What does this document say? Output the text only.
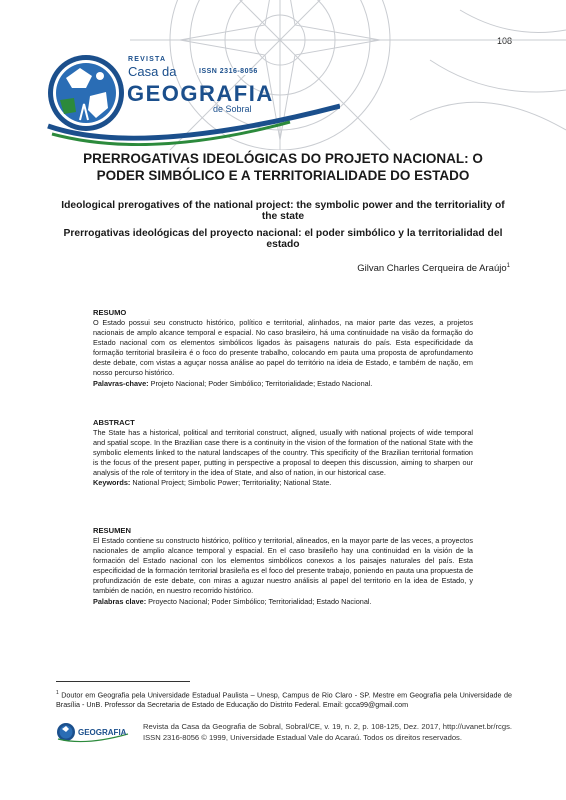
108
REVISTA
Casa da	ISSN 2316-8056
GEOGRAFIA
de Sobral
PRERROGATIVAS IDEOLÓGICAS DO PROJETO NACIONAL: O PODER SIMBÓLICO E A TERRITORIALIDADE DO ESTADO
Ideological prerogatives of the national project: the symbolic power and the territoriality of the state
Prerrogativas ideológicas del proyecto nacional: el poder simbólico y la territorialidad del estado
Gilvan Charles Cerqueira de Araújo$^1$
RESUMO

O Estado possui seu constructo histórico, político e territorial, alinhados, na maior parte das vezes, a projetos nacionais de amplo alcance temporal e espacial. No caso brasileiro, há uma continuidade na visão da formação do Estado nacional com os elementos simbólicos ligados às paisagens naturais do país. Esta especificidade da formação territorial brasileira é o foco do presente trabalho, colocando em pauta uma proposta de aprofundamento deste debate, com vistas a aguçar nossa análise ao papel do território na ideia de Estado, e também de nação, em nosso percurso histórico.

Palavras-chave: Projeto Nacional; Poder Simbólico; Territorialidade; Estado Nacional.

ABSTRACT

The State has a historical, political and territorial construct, aligned, usually with national projects of wide temporal and spatial scope. In the Brazilian case there is a continuity in the vision of the formation of the national State with the symbolic elements linked to the natural landscapes of the country. This specificity of the Brazilian territorial formation is the focus of the present paper, putting in perspective a proposal to deepen this discussion, aiming to sharpen our analysis of the role of territory in the idea of State, and also of nation, in our historical case.

Keywords: National Project; Simbolic Power; Territoriality; National State.

RESUMEN

El Estado contiene su constructo histórico, político y territorial, alineados, en la mayor parte de las veces, a proyectos nacionales de amplio alcance temporal y espacial. En el caso brasileño hay una continuidad en la visión de la formación del Estado nacional con los elementos simbólicos conexos a los paisajes naturales del país. Esta especificidad de la formación territorial brasileña es el foco del presente trabajo, poniendo en pauta una propuesta de profundización de este debate, con miras a aguzar nuestro análisis al papel del territorio en la idea de Estado, y también de nación, en nuestro recorrido histórico.

Palabras clave: Proyecto Nacional; Poder Simbólico; Territorialidad; Estado Nacional.

$^1$ Doutor em Geografia pela Universidade Estadual Paulista – Unesp, Campus de Rio Claro - SP. Mestre em Geografia pela Universidade de Brasília - UnB. Professor da Secretaria de Estado de Educação do Distrito Federal. Email: gcca99@gmail.com
GEOGRAFIA
Revista da Casa da Geografia de Sobral, Sobral/CE, v. 19, n. 2, p. 108-125, Dez. 2017, http://uvanet.br/rcgs. ISSN 2316-8056 © 1999, Universidade Estadual Vale do Acaraú. Todos os direitos reservados.
